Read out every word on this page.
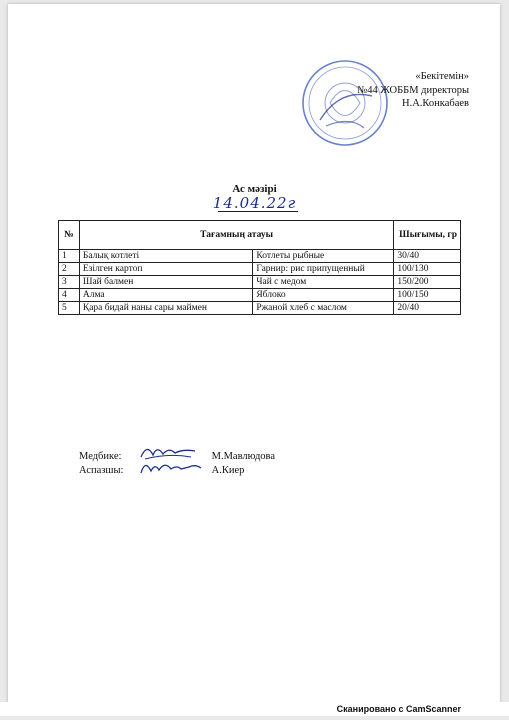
«Бекітемін»
№44 ЖОББМ директоры
Н.А.Конкабаев
Ас мәзірі
14.04.22г
№	Тағамның атауы		Шығымы, гр
1	Балық котлеті	Котлеты рыбные	30/40
2	Езілген картоп	Гарнир: рис припущенный	100/130
3	Шай балмен	Чай с медом	150/200
4	Алма	Яблоко	100/150
5	Қара бидай наны сары маймен	Ржаной хлеб с маслом	20/40
Медбике:	М.Мавлюдова
Аспазшы:	А.Киер
Сканировано с CamScanner
